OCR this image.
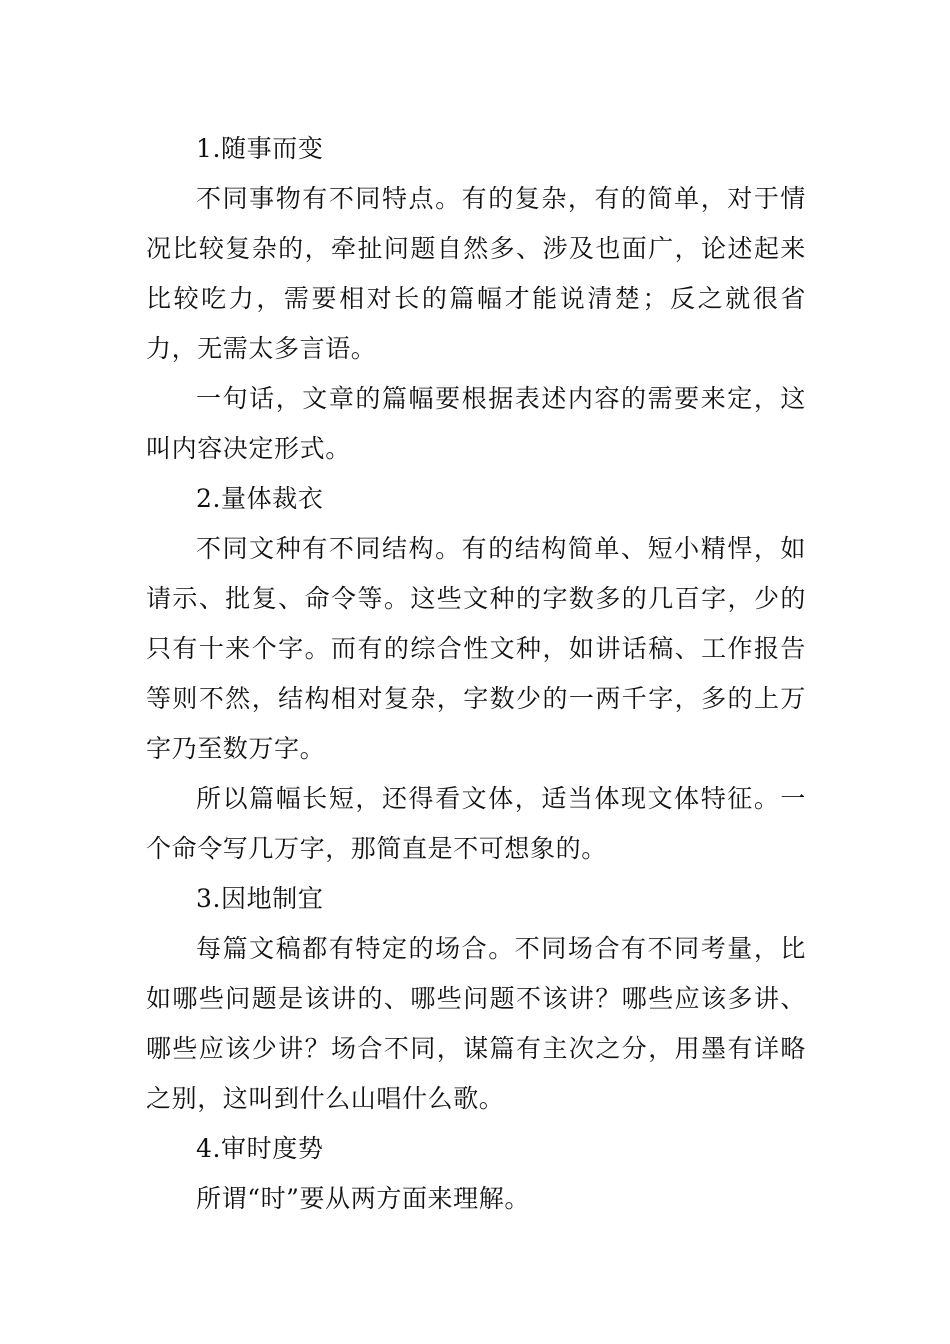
1.随事而变

不同事物有不同特点。有的复杂，有的简单，对于情况比较复杂的，牵扯问题自然多、涉及也面广，论述起来比较吃力，需要相对长的篇幅才能说清楚；反之就很省力，无需太多言语。

一句话，文章的篇幅要根据表述内容的需要来定，这叫内容决定形式。

2.量体裁衣

不同文种有不同结构。有的结构简单、短小精悍，如请示、批复、命令等。这些文种的字数多的几百字，少的只有十来个字。而有的综合性文种，如讲话稿、工作报告等则不然，结构相对复杂，字数少的一两千字，多的上万字乃至数万字。

所以篇幅长短，还得看文体，适当体现文体特征。一个命令写几万字，那简直是不可想象的。

3.因地制宜

每篇文稿都有特定的场合。不同场合有不同考量，比如哪些问题是该讲的、哪些问题不该讲？哪些应该多讲、哪些应该少讲？场合不同，谋篇有主次之分，用墨有详略之别，这叫到什么山唱什么歌。

4.审时度势

所谓“时”要从两方面来理解。
